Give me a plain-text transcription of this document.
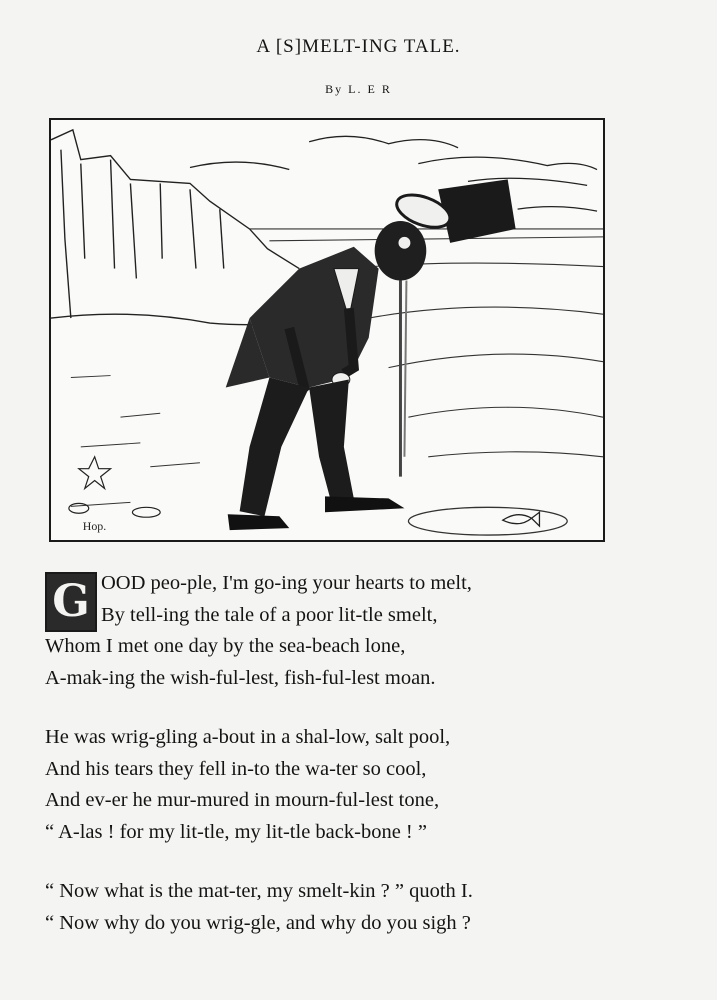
A [S]MELT-ING TALE.
By L. E R
Hop.
G OOD peo-ple, I'm go-ing your hearts to melt,
By tell-ing the tale of a poor lit-tle smelt,
Whom I met one day by the sea-beach lone,
A-mak-ing the wish-ful-lest, fish-ful-lest moan.
He was wrig-gling a-bout in a shal-low, salt pool,
And his tears they fell in-to the wa-ter so cool,
And ev-er he mur-mured in mourn-ful-lest tone,
“ A-las ! for my lit-tle, my lit-tle back-bone ! ”
“ Now what is the mat-ter, my smelt-kin ? ” quoth I.
“ Now why do you wrig-gle, and why do you sigh ?
